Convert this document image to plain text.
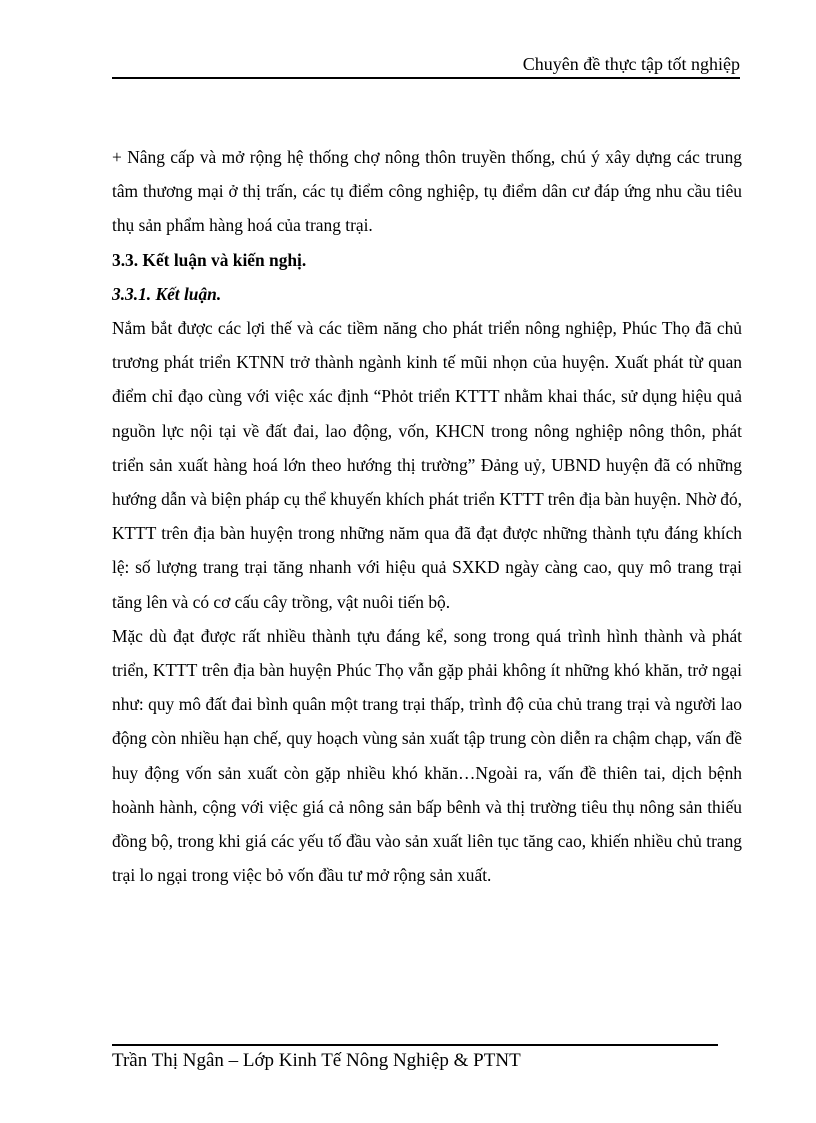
Chuyên đề thực tập tốt nghiệp

+ Nâng cấp và mở rộng hệ thống chợ nông thôn truyền thống, chú ý xây dựng các trung tâm thương mại ở thị trấn, các tụ điểm công nghiệp, tụ điểm dân cư đáp ứng nhu cầu tiêu thụ sản phẩm hàng hoá của trang trại.

3.3. Kết luận và kiến nghị.
3.3.1. Kết luận.

Nắm bắt được các lợi thế và các tiềm năng cho phát triển nông nghiệp, Phúc Thọ đã chủ trương phát triển KTNN trở thành ngành kinh tế mũi nhọn của huyện. Xuất phát từ quan điểm chỉ đạo cùng với việc xác định “Phỏt triển KTTT nhằm khai thác, sử dụng hiệu quả nguồn lực nội tại về đất đai, lao động, vốn, KHCN trong nông nghiệp nông thôn, phát triển sản xuất hàng hoá lớn theo hướng thị trường” Đảng uỷ, UBND huyện đã có những hướng dẫn và biện pháp cụ thể khuyến khích phát triển KTTT trên địa bàn huyện. Nhờ đó, KTTT trên địa bàn huyện trong những năm qua đã đạt được những thành tựu đáng khích lệ: số lượng trang trại tăng nhanh với hiệu quả SXKD ngày càng cao, quy mô trang trại tăng lên và có cơ cấu cây trồng, vật nuôi tiến bộ.

Mặc dù đạt được rất nhiều thành tựu đáng kể, song trong quá trình hình thành và phát triển, KTTT trên địa bàn huyện Phúc Thọ vẫn gặp phải không ít những khó khăn, trở ngại như: quy mô đất đai bình quân một trang trại thấp, trình độ của chủ trang trại và người lao động còn nhiều hạn chế, quy hoạch vùng sản xuất tập trung còn diễn ra chậm chạp, vấn đề huy động vốn sản xuất còn gặp nhiều khó khăn…Ngoài ra, vấn đề thiên tai, dịch bệnh hoành hành, cộng với việc giá cả nông sản bấp bênh và thị trường tiêu thụ nông sản thiếu đồng bộ, trong khi giá các yếu tố đầu vào sản xuất liên tục tăng cao, khiến nhiều chủ trang trại lo ngại trong việc bỏ vốn đầu tư mở rộng sản xuất.

Trần Thị Ngân – Lớp Kinh Tế Nông Nghiệp & PTNT
